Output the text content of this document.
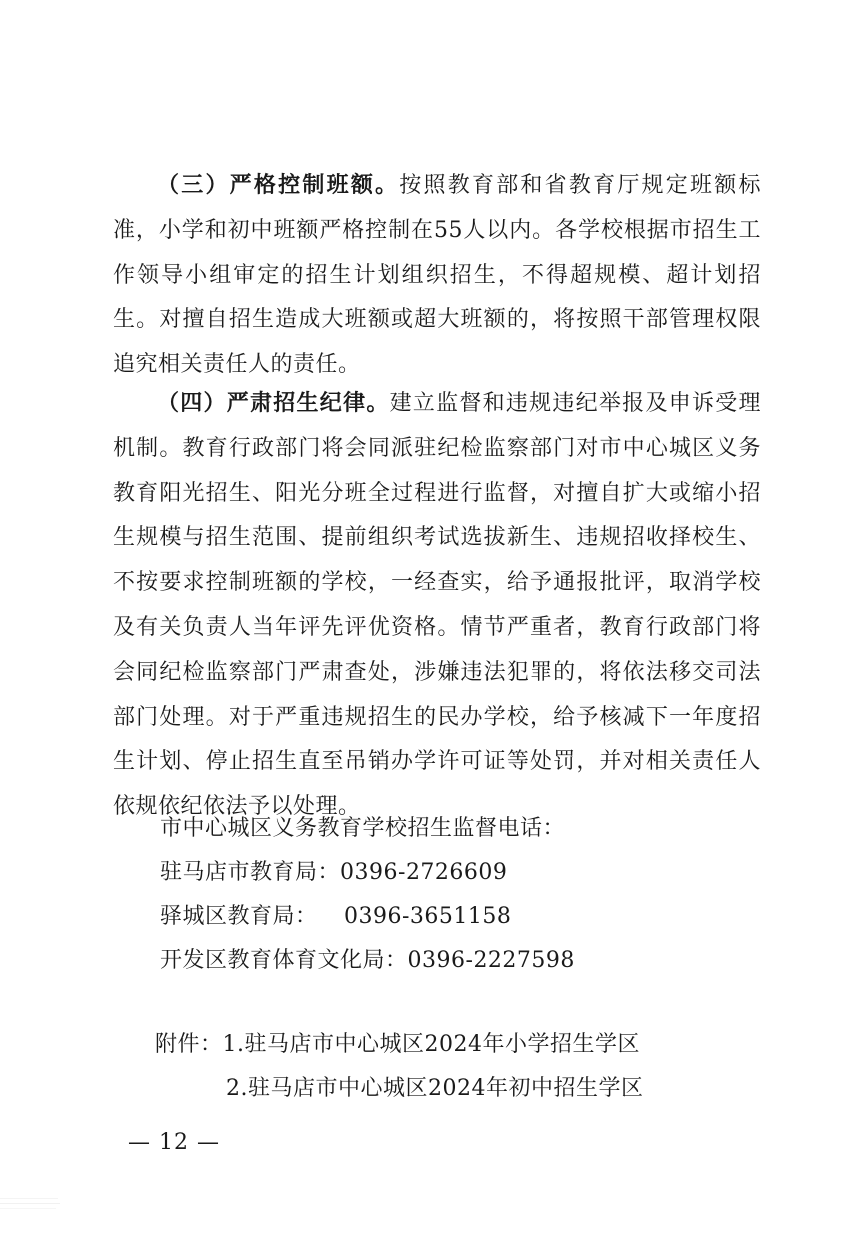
（三）严格控制班额。按照教育部和省教育厅规定班额标准，小学和初中班额严格控制在55人以内。各学校根据市招生工作领导小组审定的招生计划组织招生，不得超规模、超计划招生。对擅自招生造成大班额或超大班额的，将按照干部管理权限追究相关责任人的责任。

（四）严肃招生纪律。建立监督和违规违纪举报及申诉受理机制。教育行政部门将会同派驻纪检监察部门对市中心城区义务教育阳光招生、阳光分班全过程进行监督，对擅自扩大或缩小招生规模与招生范围、提前组织考试选拔新生、违规招收择校生、不按要求控制班额的学校，一经查实，给予通报批评，取消学校及有关负责人当年评先评优资格。情节严重者，教育行政部门将会同纪检监察部门严肃查处，涉嫌违法犯罪的，将依法移交司法部门处理。对于严重违规招生的民办学校，给予核减下一年度招生计划、停止招生直至吊销办学许可证等处罚，并对相关责任人依规依纪依法予以处理。

市中心城区义务教育学校招生监督电话：
驻马店市教育局：0396-2726609
驿城区教育局： 0396-3651158
开发区教育体育文化局：0396-2227598
附件：1.驻马店市中心城区2024年小学招生学区
2.驻马店市中心城区2024年初中招生学区
— 12 —
